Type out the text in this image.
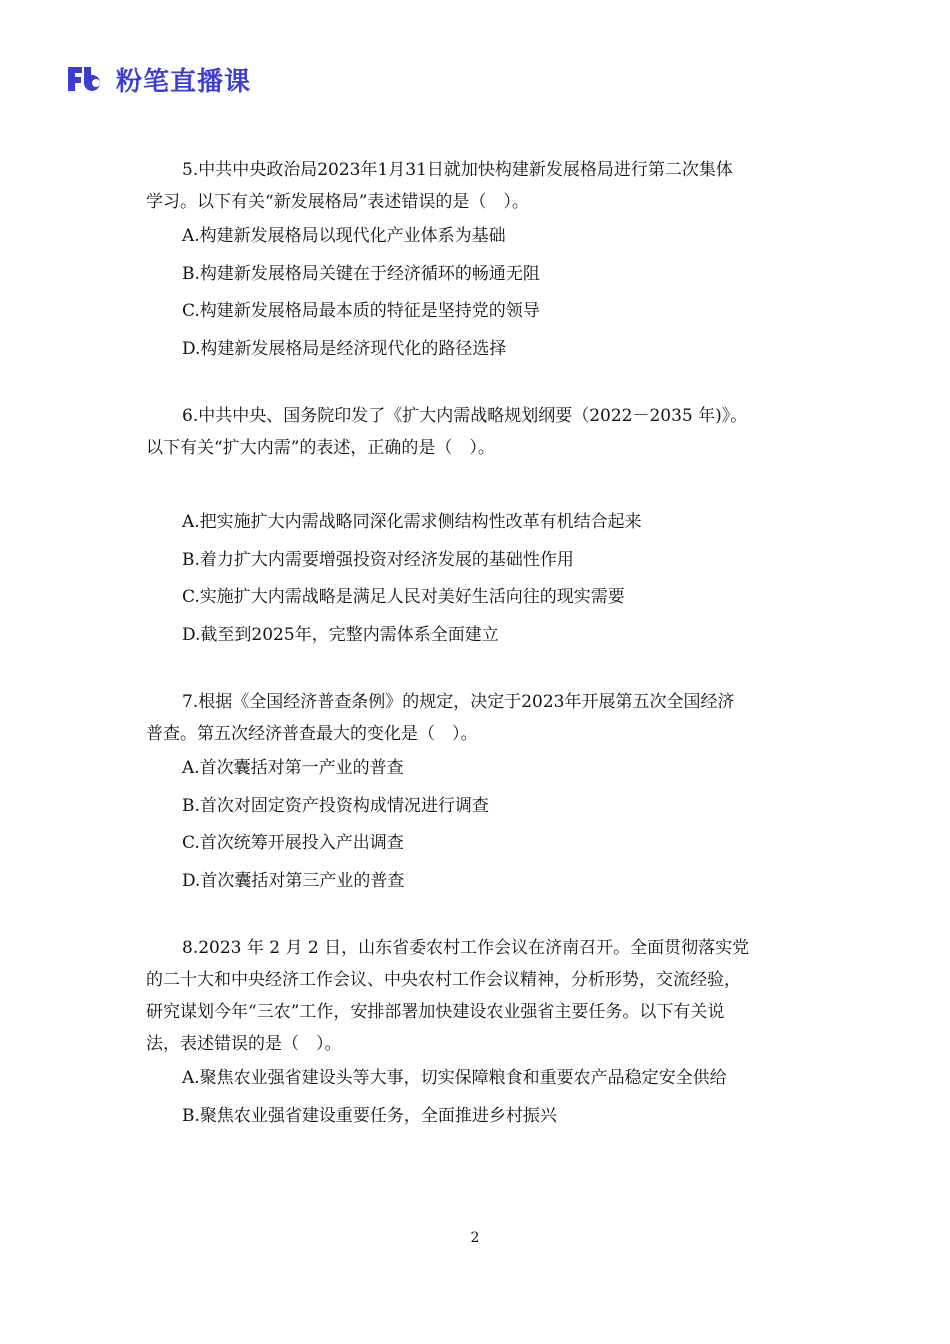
粉笔直播课

5.中共中央政治局2023年1月31日就加快构建新发展格局进行第二次集体

学习。以下有关“新发展格局”表述错误的是（　）。

A.构建新发展格局以现代化产业体系为基础

B.构建新发展格局关键在于经济循环的畅通无阻

C.构建新发展格局最本质的特征是坚持党的领导

D.构建新发展格局是经济现代化的路径选择

6.中共中央、国务院印发了《扩大内需战略规划纲要（2022－2035 年)》。

以下有关“扩大内需”的表述，正确的是（　）。

A.把实施扩大内需战略同深化需求侧结构性改革有机结合起来

B.着力扩大内需要增强投资对经济发展的基础性作用

C.实施扩大内需战略是满足人民对美好生活向往的现实需要

D.截至到2025年，完整内需体系全面建立

7.根据《全国经济普查条例》的规定，决定于2023年开展第五次全国经济

普查。第五次经济普查最大的变化是（　）。

A.首次囊括对第一产业的普查

B.首次对固定资产投资构成情况进行调查

C.首次统筹开展投入产出调查

D.首次囊括对第三产业的普查

8.2023 年 2 月 2 日，山东省委农村工作会议在济南召开。全面贯彻落实党

的二十大和中央经济工作会议、中央农村工作会议精神，分析形势，交流经验，

研究谋划今年“三农”工作，安排部署加快建设农业强省主要任务。以下有关说

法，表述错误的是（　）。

A.聚焦农业强省建设头等大事，切实保障粮食和重要农产品稳定安全供给

B.聚焦农业强省建设重要任务，全面推进乡村振兴

2
